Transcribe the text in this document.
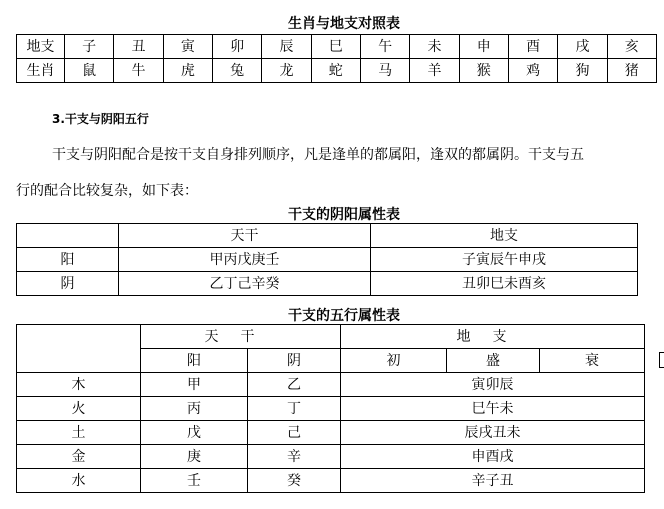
生肖与地支对照表
地支	子	丑	寅	卯	辰	巳	午	未	申	酉	戌	亥
生肖	鼠	牛	虎	兔	龙	蛇	马	羊	猴	鸡	狗	猪
3.干支与阴阳五行
干支与阴阳配合是按干支自身排列顺序，凡是逢单的都属阳，逢双的都属阴。干支与五
行的配合比较复杂，如下表：
干支的阴阳属性表
	天干	地支
阳	甲丙戊庚壬	子寅辰午申戌
阴	乙丁己辛癸	丑卯巳未酉亥
干支的五行属性表
	天干		地支		
	阳	阴	初	盛	衰
木	甲	乙	寅卯辰		
火	丙	丁	巳午未		
土	戊	己	辰戌丑未		
金	庚	辛	申酉戌		
水	壬	癸	辛子丑		
